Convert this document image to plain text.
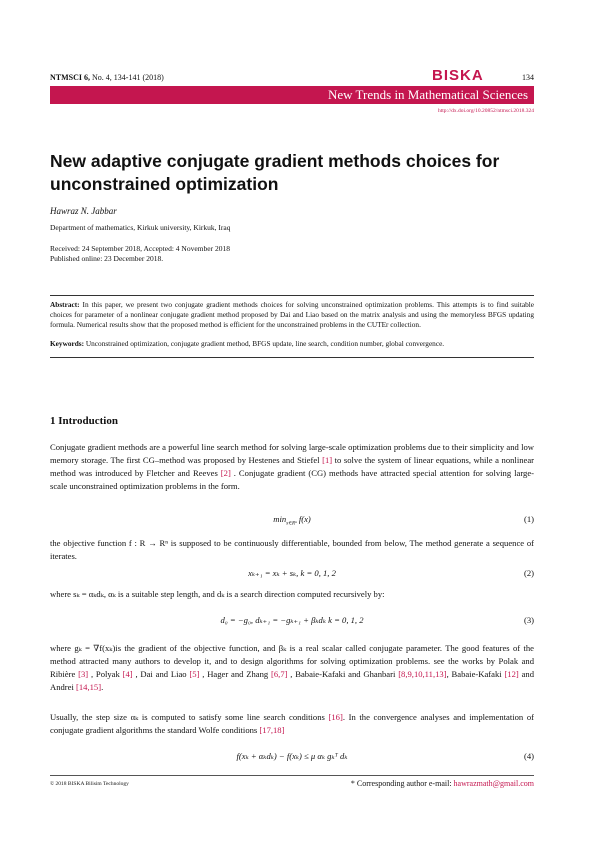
NTMSCI 6, No. 4, 134-141 (2018)	BISKA	134
New Trends in Mathematical Sciences
http://dx.doi.org/10.20852/ntmsci.2018.324
New adaptive conjugate gradient methods choices for unconstrained optimization
Hawraz N. Jabbar
Department of mathematics, Kirkuk university, Kirkuk, Iraq
Received: 24 September 2018, Accepted: 4 November 2018
Published online: 23 December 2018.
Abstract: In this paper, we present two conjugate gradient methods choices for solving unconstrained optimization problems. This attempts is to find suitable choices for parameter of a nonlinear conjugate gradient method proposed by Dai and Liao based on the matrix analysis and using the memoryless BFGS updating formula. Numerical results show that the proposed method is efficient for the unconstrained problems in the CUTEr collection.
Keywords: Unconstrained optimization, conjugate gradient method, BFGS update, line search, condition number, global convergence.
1 Introduction
Conjugate gradient methods are a powerful line search method for solving large-scale optimization problems due to their simplicity and low memory storage. The first CG–method was proposed by Hestenes and Stiefel [1] to solve the system of linear equations, while a nonlinear method was introduced by Fletcher and Reeves [2] . Conjugate gradient (CG) methods have attracted special attention for solving large-scale unconstrained optimization problems in the form.
$\min_{x\in R^n} f(x)$	(1)
the objective function f : R → Rⁿ is supposed to be continuously differentiable, bounded from below, The method generate a sequence of iterates.
xₖ₊₁ = xₖ + sₖ, k = 0, 1, 2	(2)
where sₖ = αₖdₖ, αₖ is a suitable step length, and dₖ is a search direction computed recursively by:
d₀ = −g₀, dₖ₊₁ = −gₖ₊₁ + βₖdₖ k = 0, 1, 2	(3)
where gₖ = ∇f(xₖ)is the gradient of the objective function, and βₖ is a real scalar called conjugate parameter. The good features of the method attracted many authors to develop it, and to design algorithms for solving optimization problems. see the works by Polak and Ribière [3] , Polyak [4] , Dai and Liao [5] , Hager and Zhang [6,7] , Babaie-Kafaki and Ghanbari [8,9,10,11,13], Babaie-Kafaki [12] and Andrei [14,15].
Usually, the step size αₖ is computed to satisfy some line search conditions [16]. In the convergence analyses and implementation of conjugate gradient algorithms the standard Wolfe conditions [17,18]
f(xₖ + αₖdₖ) − f(xₖ) ≤ μ αₖ gₖᵀ dₖ	(4)
© 2018 BISKA Bilisim Technology	* Corresponding author e-mail: hawrazmath@gmail.com
